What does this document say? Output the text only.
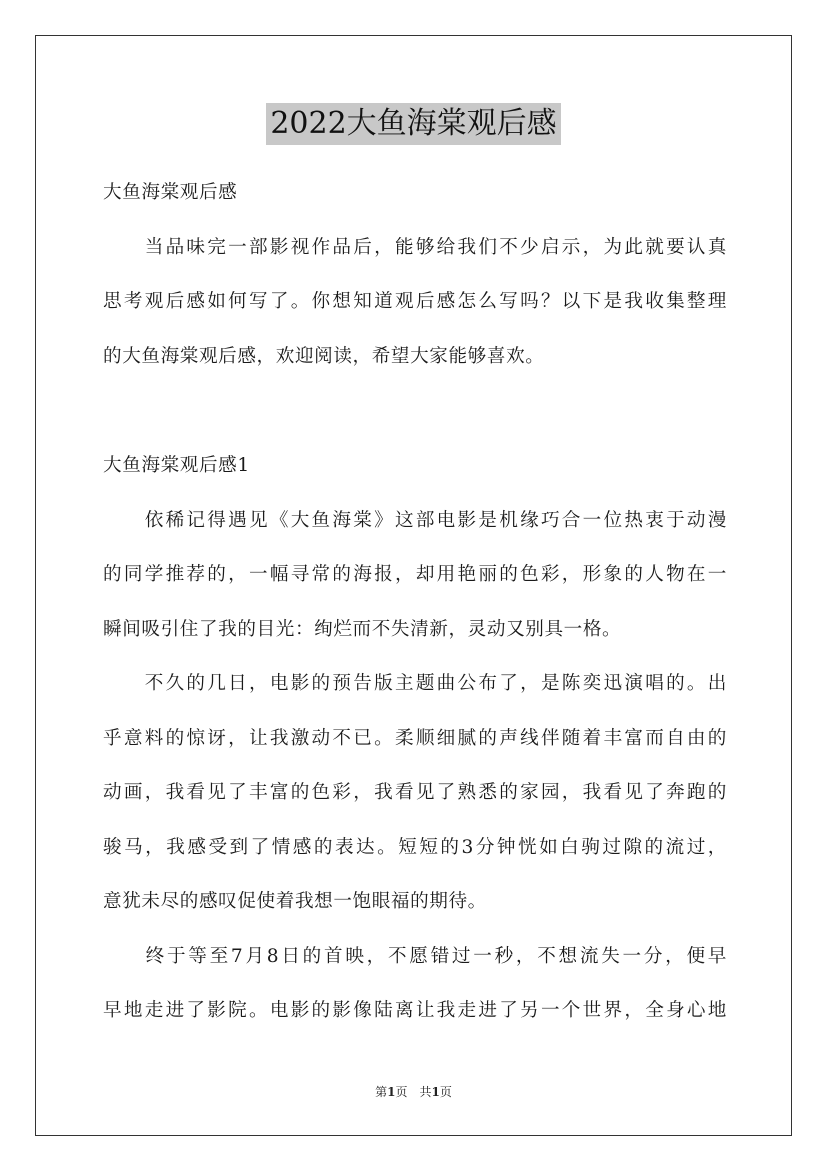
2022大鱼海棠观后感
大鱼海棠观后感
　　当品味完一部影视作品后，能够给我们不少启示，为此就要认真
思考观后感如何写了。你想知道观后感怎么写吗？以下是我收集整理
的大鱼海棠观后感，欢迎阅读，希望大家能够喜欢。
大鱼海棠观后感1
　　依稀记得遇见《大鱼海棠》这部电影是机缘巧合一位热衷于动漫
的同学推荐的，一幅寻常的海报，却用艳丽的色彩，形象的人物在一
瞬间吸引住了我的目光：绚烂而不失清新，灵动又别具一格。
　　不久的几日，电影的预告版主题曲公布了，是陈奕迅演唱的。出
乎意料的惊讶，让我激动不已。柔顺细腻的声线伴随着丰富而自由的
动画，我看见了丰富的色彩，我看见了熟悉的家园，我看见了奔跑的
骏马，我感受到了情感的表达。短短的3分钟恍如白驹过隙的流过，
意犹未尽的感叹促使着我想一饱眼福的期待。
　　终于等至7月8日的首映，不愿错过一秒，不想流失一分，便早
早地走进了影院。电影的影像陆离让我走进了另一个世界，全身心地
第1页　共1页
